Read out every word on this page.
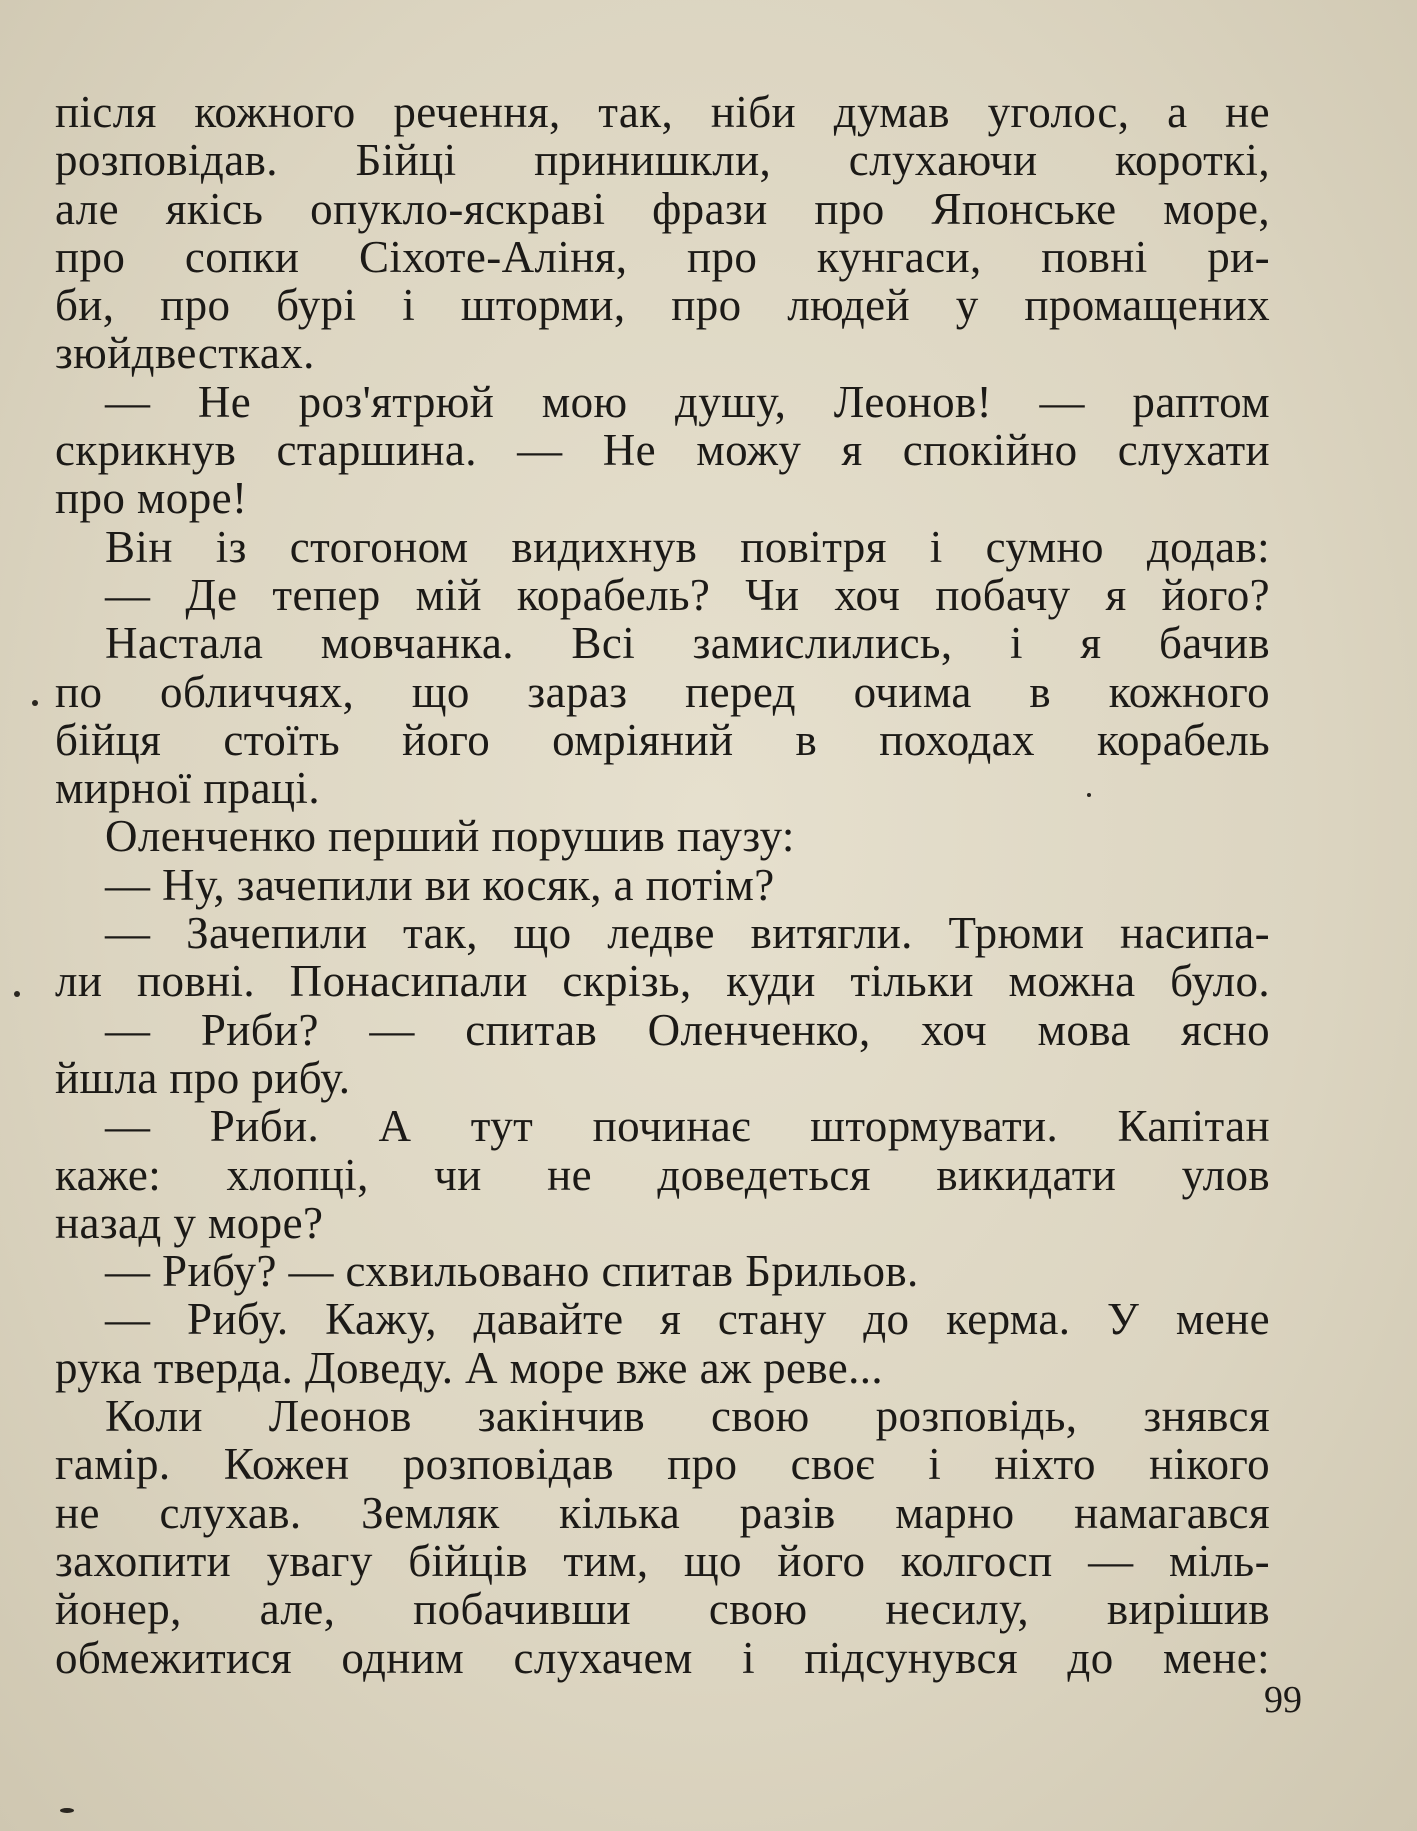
після кожного речення, так, ніби думав уголос, а не
розповідав. Бійці принишкли, слухаючи короткі,
але якісь опукло-яскраві фрази про Японське море,
про сопки Сіхоте-Аліня, про кунгаси, повні ри-
би, про бурі і шторми, про людей у промащених
зюйдвестках.
— Не роз'ятрюй мою душу, Леонов! — раптом
скрикнув старшина. — Не можу я спокійно слухати
про море!
Він із стогоном видихнув повітря і сумно додав:
— Де тепер мій корабель? Чи хоч побачу я його?
Настала мовчанка. Всі замислились, і я бачив
по обличчях, що зараз перед очима в кожного
бійця стоїть його омріяний в походах корабель
мирної праці.
Оленченко перший порушив паузу:
— Ну, зачепили ви косяк, а потім?
— Зачепили так, що ледве витягли. Трюми насипа-
ли повні. Понасипали скрізь, куди тільки можна було.
— Риби? — спитав Оленченко, хоч мова ясно
йшла про рибу.
— Риби. А тут починає штормувати. Капітан
каже: хлопці, чи не доведеться викидати улов
назад у море?
— Рибу? — схвильовано спитав Брильов.
— Рибу. Кажу, давайте я стану до керма. У мене
рука тверда. Доведу. А море вже аж реве...
Коли Леонов закінчив свою розповідь, знявся
гамір. Кожен розповідав про своє і ніхто нікого
не слухав. Земляк кілька разів марно намагався
захопити увагу бійців тим, що його колгосп — міль-
йонер, але, побачивши свою несилу, вирішив
обмежитися одним слухачем і підсунувся до мене:
99
